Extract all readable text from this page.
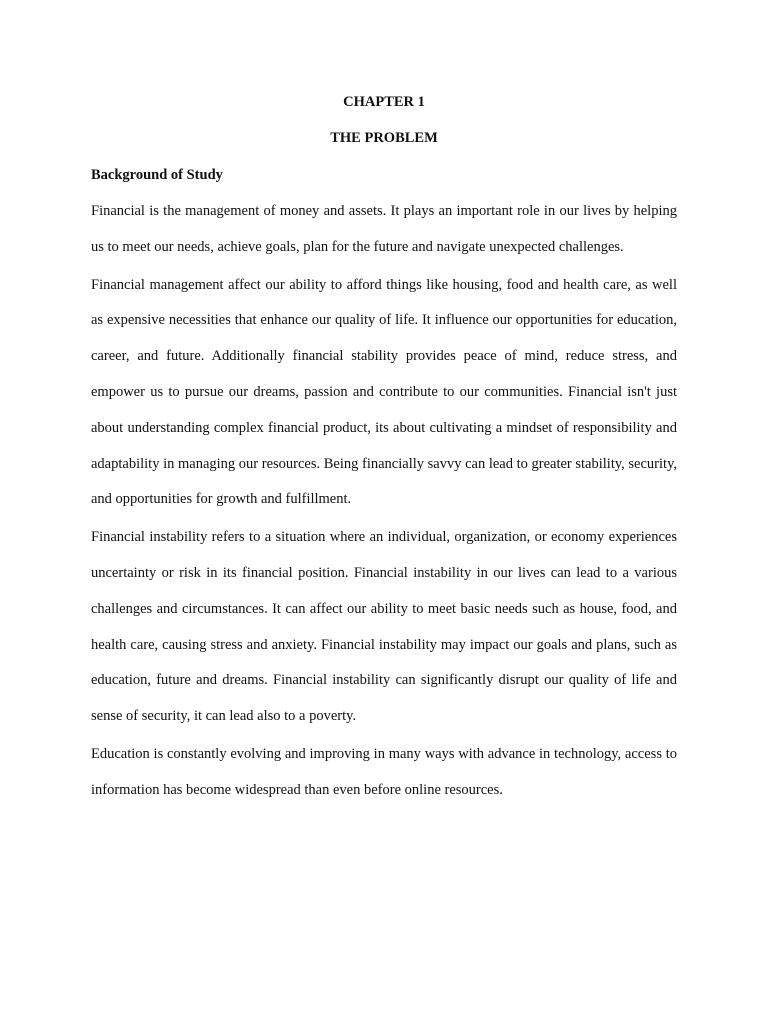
CHAPTER 1

THE PROBLEM

Background of Study

Financial is the management of money and assets. It plays an important role in our lives by helping us to meet our needs, achieve goals, plan for the future and navigate unexpected challenges.

Financial management affect our ability to afford things like housing, food and health care, as well as expensive necessities that enhance our quality of life. It influence our opportunities for education, career, and future. Additionally financial stability provides peace of mind, reduce stress, and empower us to pursue our dreams, passion and contribute to our communities. Financial isn't just about understanding complex financial product, its about cultivating a mindset of responsibility and adaptability in managing our resources. Being financially savvy can lead to greater stability, security, and opportunities for growth and fulfillment.

Financial instability refers to a situation where an individual, organization, or economy experiences uncertainty or risk in its financial position. Financial instability in our lives can lead to a various challenges and circumstances. It can affect our ability to meet basic needs such as house, food, and health care, causing stress and anxiety. Financial instability may impact our goals and plans, such as education, future and dreams. Financial instability can significantly disrupt our quality of life and sense of security, it can lead also to a poverty.

Education is constantly evolving and improving in many ways with advance in technology, access to information has become widespread than even before online resources.
